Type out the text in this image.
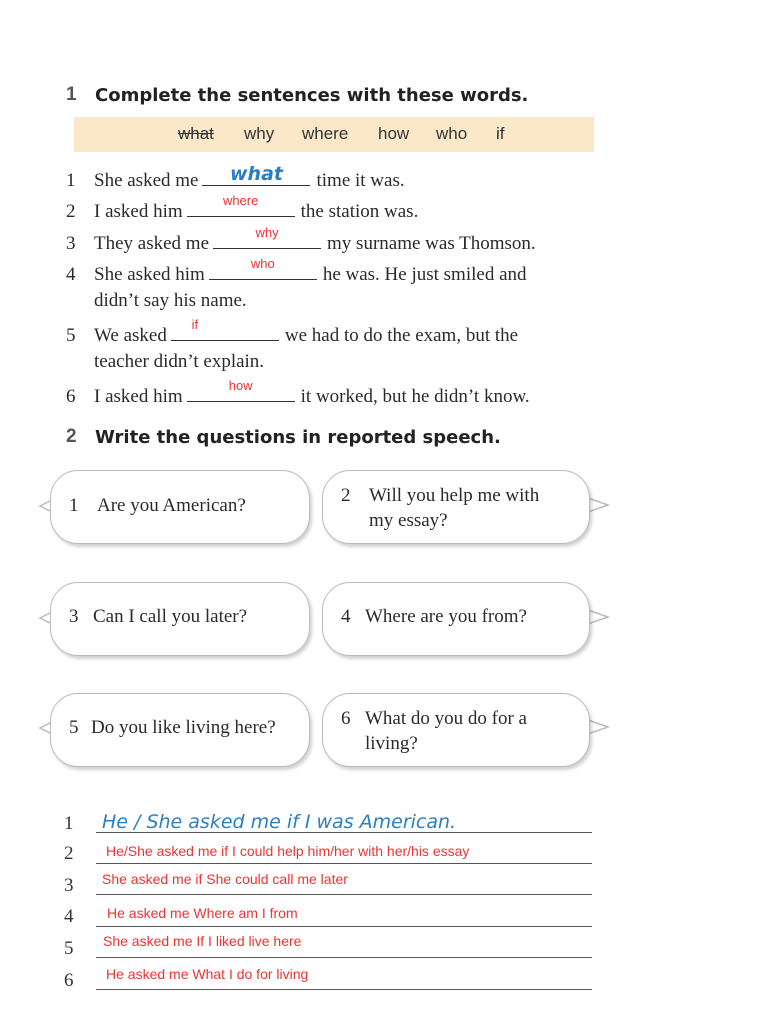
1 Complete the sentences with these words.
what why where how who if
1 She asked me	what	time it was.
2 I asked him
where
the station was.
3 They asked me
why
my surname was Thomson.
4 She asked him
who
he was. He just smiled and
didn’t say his name.
5 We asked
if
we had to do the exam, but the
teacher didn’t explain.
6 I asked him
how
it worked, but he didn’t know.
2 Write the questions in reported speech.
1 Are you American?	2 Will you help me with
my essay?
3 Can I call you later?	4 Where are you from?
5 Do you like living here?	6 What do you do for a
living?
1 He / She asked me if I was American.
2 He/She asked me if I could help him/her with her/his essay
3 She asked me if She could call me later
4 He asked me Where am I from
5 She asked me If I liked live here
6 He asked me What I do for living
